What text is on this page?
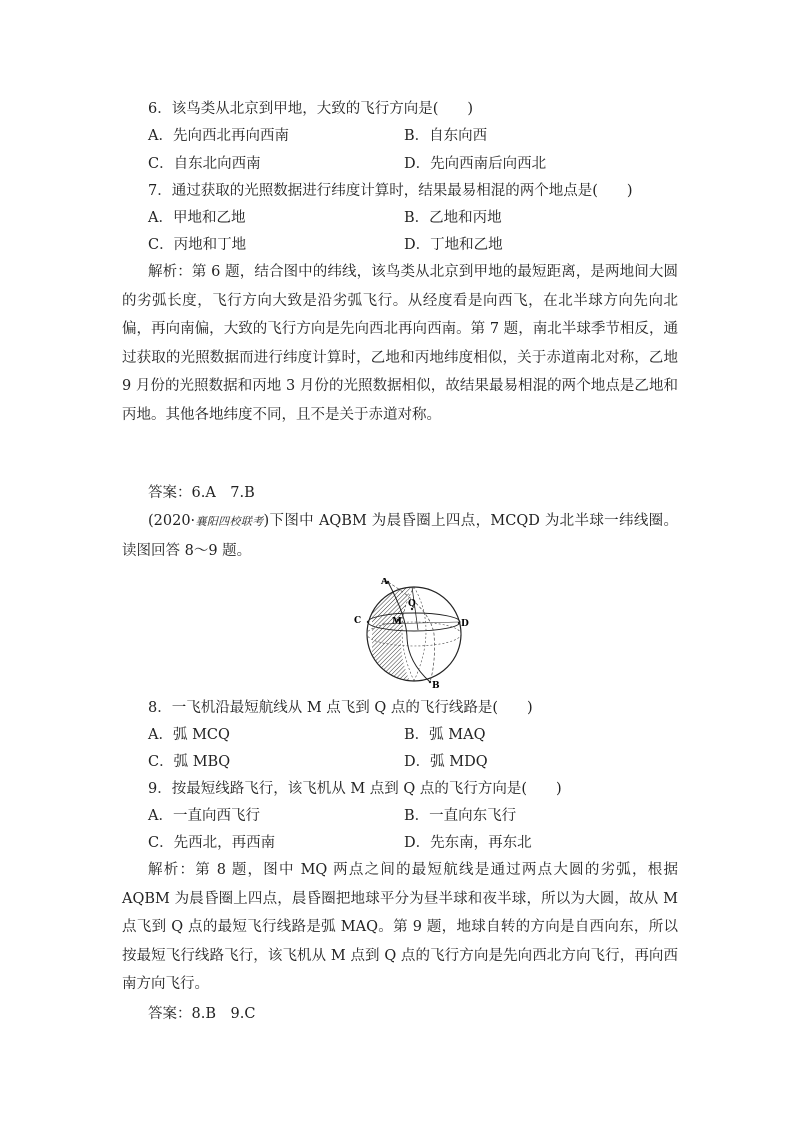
6．该鸟类从北京到甲地，大致的飞行方向是(　　)
A．先向西北再向西南	B．自东向西
C．自东北向西南	D．先向西南后向西北
7．通过获取的光照数据进行纬度计算时，结果最易相混的两个地点是(　　)
A．甲地和乙地	B．乙地和丙地
C．丙地和丁地	D．丁地和乙地
解析：第 6 题，结合图中的纬线，该鸟类从北京到甲地的最短距离，是两地间大圆的劣弧长度，飞行方向大致是沿劣弧飞行。从经度看是向西飞，在北半球方向先向北偏，再向南偏，大致的飞行方向是先向西北再向西南。第 7 题，南北半球季节相反，通过获取的光照数据而进行纬度计算时，乙地和丙地纬度相似，关于赤道南北对称，乙地 9 月份的光照数据和丙地 3 月份的光照数据相似，故结果最易相混的两个地点是乙地和丙地。其他各地纬度不同，且不是关于赤道对称。
答案：6.A　7.B
(2020·襄阳四校联考)下图中 AQBM 为晨昏圈上四点，MCQD 为北半球一纬线圈。读图回答 8～9 题。
A
B
C	D
M
Q
8．一飞机沿最短航线从 M 点飞到 Q 点的飞行线路是(　　)
A．弧 MCQ	B．弧 MAQ
C．弧 MBQ	D．弧 MDQ
9．按最短线路飞行，该飞机从 M 点到 Q 点的飞行方向是(　　)
A．一直向西飞行	B．一直向东飞行
C．先西北，再西南	D．先东南，再东北
解析：第 8 题，图中 MQ 两点之间的最短航线是通过两点大圆的劣弧，根据 AQBM 为晨昏圈上四点，晨昏圈把地球平分为昼半球和夜半球，所以为大圆，故从 M 点飞到 Q 点的最短飞行线路是弧 MAQ。第 9 题，地球自转的方向是自西向东，所以按最短飞行线路飞行，该飞机从 M 点到 Q 点的飞行方向是先向西北方向飞行，再向西南方向飞行。
答案：8.B　9.C
